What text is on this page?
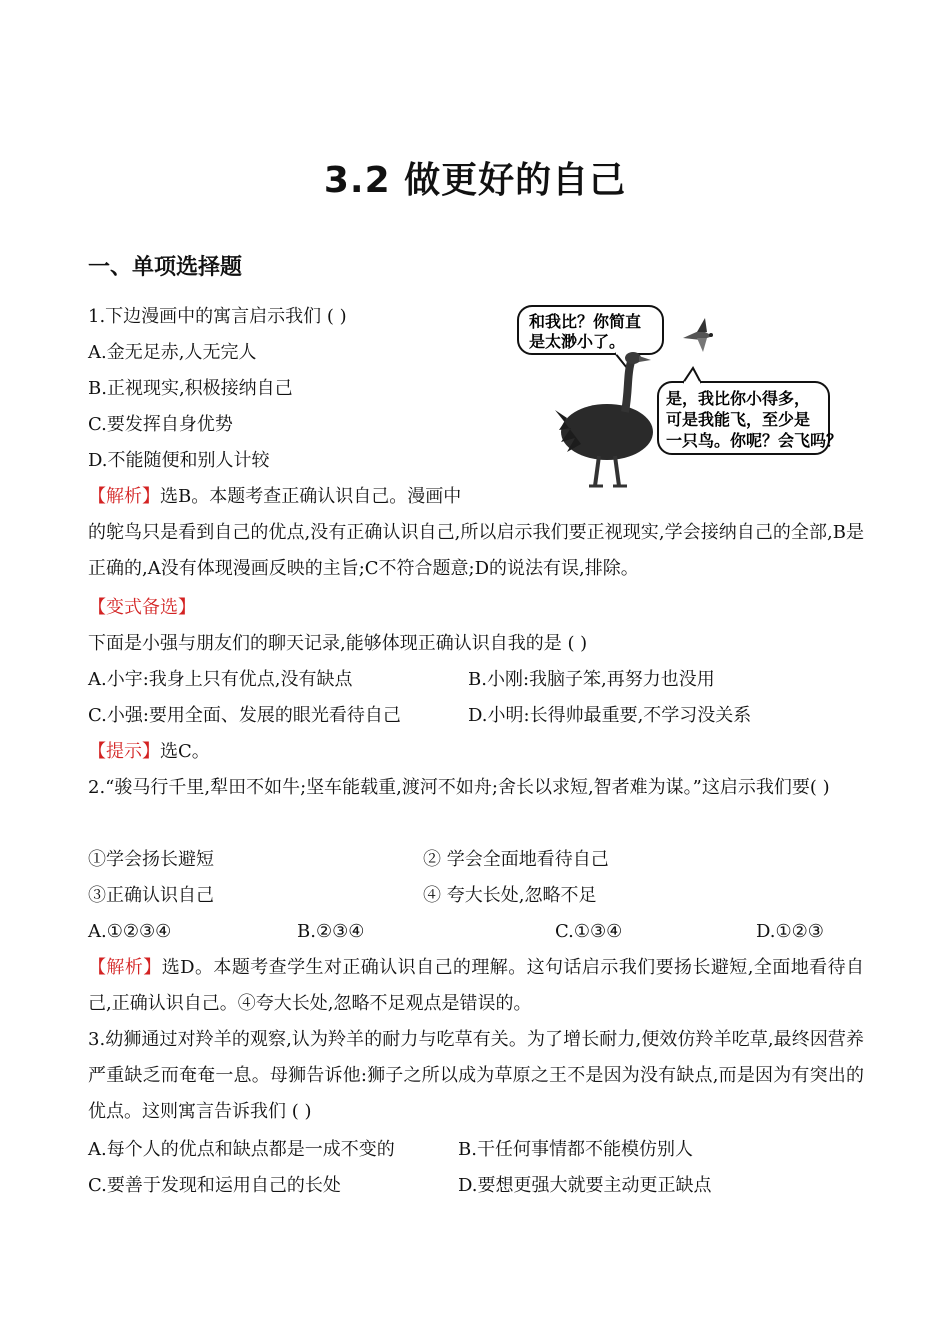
3.2 做更好的自己
一、单项选择题
1.下边漫画中的寓言启示我们 ( )
A.金无足赤,人无完人
B.正视现实,积极接纳自己
C.要发挥自身优势
D.不能随便和别人计较
【解析】选B。本题考查正确认识自己。漫画中
的鸵鸟只是看到自己的优点,没有正确认识自己,所以启示我们要正视现实,学会接纳自己的全部,B是正确的,A没有体现漫画反映的主旨;C不符合题意;D的说法有误,排除。
和我比？你简直
是太渺小了。
是，我比你小得多，
可是我能飞，至少是
一只鸟。你呢？会飞吗？
【变式备选】
下面是小强与朋友们的聊天记录,能够体现正确认识自我的是 ( )
A.小宇:我身上只有优点,没有缺点	B.小刚:我脑子笨,再努力也没用
C.小强:要用全面、发展的眼光看待自己	D.小明:长得帅最重要,不学习没关系
【提示】选C。
2.“骏马行千里,犁田不如牛;坚车能载重,渡河不如舟;舍长以求短,智者难为谋。”这启示我们要( )
①学会扬长避短	② 学会全面地看待自己
③正确认识自己	④ 夸大长处,忽略不足
A.①②③④	B.②③④	C.①③④	D.①②③
【解析】选D。本题考查学生对正确认识自己的理解。这句话启示我们要扬长避短,全面地看待自己,正确认识自己。④夸大长处,忽略不足观点是错误的。
3.幼狮通过对羚羊的观察,认为羚羊的耐力与吃草有关。为了增长耐力,便效仿羚羊吃草,最终因营养严重缺乏而奄奄一息。母狮告诉他:狮子之所以成为草原之王不是因为没有缺点,而是因为有突出的优点。这则寓言告诉我们 ( )
A.每个人的优点和缺点都是一成不变的	B.干任何事情都不能模仿别人
C.要善于发现和运用自己的长处	D.要想更强大就要主动更正缺点
